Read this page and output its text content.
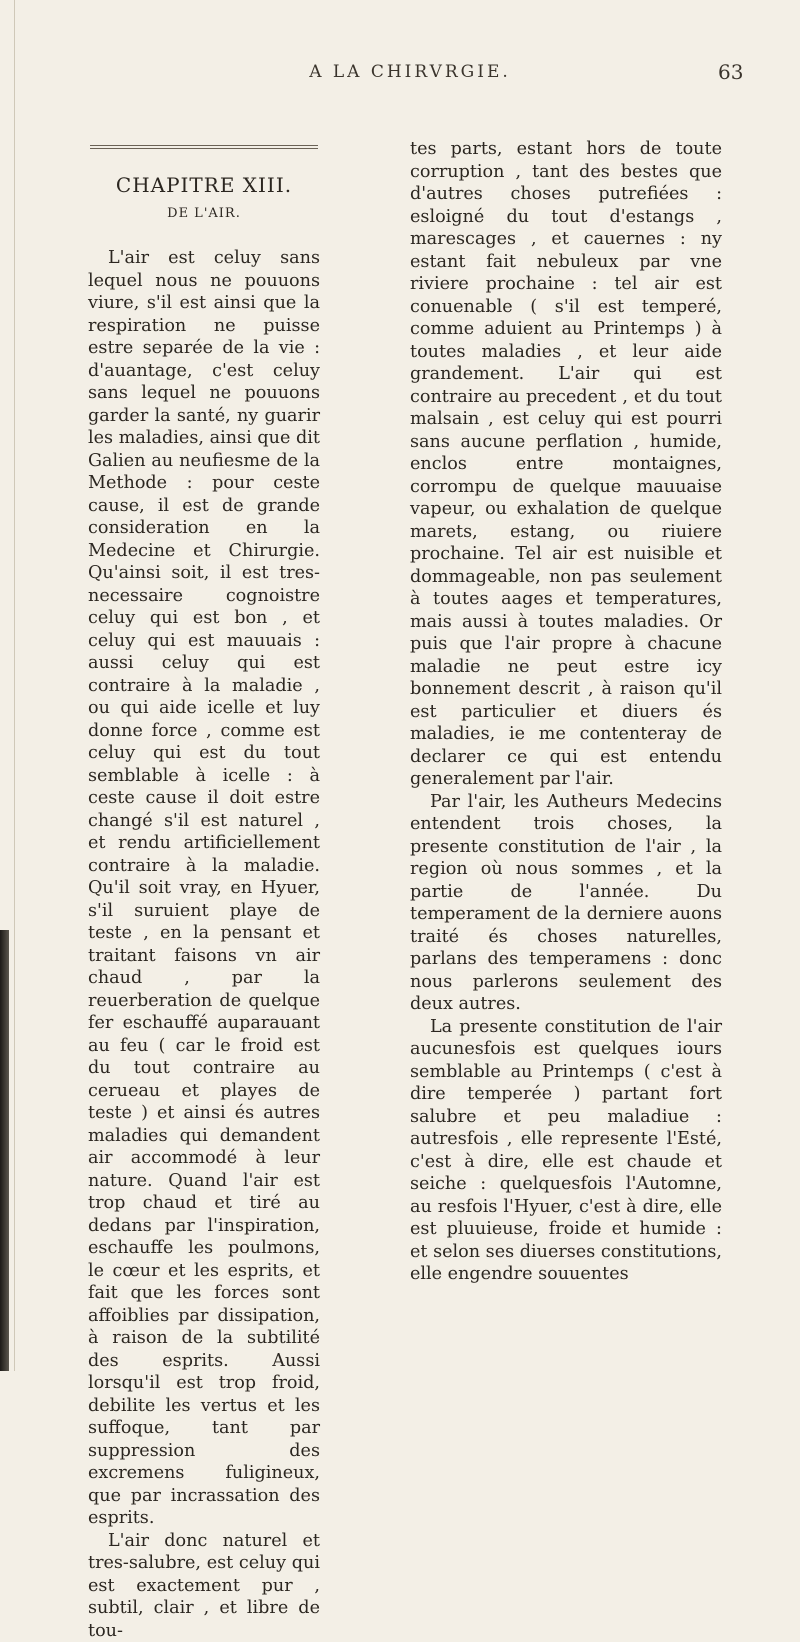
A LA CHIRVRGIE.	63
CHAPITRE XIII.
DE L'AIR.

L'air est celuy sans lequel nous ne pouuons viure, s'il est ainsi que la respiration ne puisse estre separée de la vie : d'auantage, c'est celuy sans lequel ne pouuons garder la santé, ny guarir les maladies, ainsi que dit Galien au neufiesme de la Methode : pour ceste cause, il est de grande consideration en la Medecine et Chirurgie. Qu'ainsi soit, il est tres-necessaire cognoistre celuy qui est bon , et celuy qui est mauuais : aussi celuy qui est contraire à la maladie , ou qui aide icelle et luy donne force , comme est celuy qui est du tout semblable à icelle : à ceste cause il doit estre changé s'il est naturel , et rendu artificiellement contraire à la maladie. Qu'il soit vray, en Hyuer, s'il suruient playe de teste , en la pensant et traitant faisons vn air chaud , par la reuerberation de quelque fer eschauffé auparauant au feu ( car le froid est du tout contraire au cerueau et playes de teste ) et ainsi és autres maladies qui demandent air accommodé à leur nature. Quand l'air est trop chaud et tiré au dedans par l'inspiration, eschauffe les poulmons, le cœur et les esprits, et fait que les forces sont affoiblies par dissipation, à raison de la subtilité des esprits. Aussi lorsqu'il est trop froid, debilite les vertus et les suffoque, tant par suppression des excremens fuligineux, que par incrassation des esprits.

L'air donc naturel et tres-salubre, est celuy qui est exactement pur , subtil, clair , et libre de tou-

tes parts, estant hors de toute corruption , tant des bestes que d'autres choses putrefiées : esloigné du tout d'estangs , marescages , et cauernes : ny estant fait nebuleux par vne riviere prochaine : tel air est conuenable ( s'il est temperé, comme aduient au Printemps ) à toutes maladies , et leur aide grandement. L'air qui est contraire au precedent , et du tout malsain , est celuy qui est pourri sans aucune perflation , humide, enclos entre montaignes, corrompu de quelque mauuaise vapeur, ou exhalation de quelque marets, estang, ou riuiere prochaine. Tel air est nuisible et dommageable, non pas seulement à toutes aages et temperatures, mais aussi à toutes maladies. Or puis que l'air propre à chacune maladie ne peut estre icy bonnement descrit , à raison qu'il est particulier et diuers és maladies, ie me contenteray de declarer ce qui est entendu generalement par l'air.

Par l'air, les Autheurs Medecins entendent trois choses, la presente constitution de l'air , la region où nous sommes , et la partie de l'année. Du temperament de la derniere auons traité és choses naturelles, parlans des temperamens : donc nous parlerons seulement des deux autres.

La presente constitution de l'air aucunesfois est quelques iours semblable au Printemps ( c'est à dire temperée ) partant fort salubre et peu maladiue : autresfois , elle represente l'Esté, c'est à dire, elle est chaude et seiche : quelquesfois l'Automne, au resfois l'Hyuer, c'est à dire, elle est pluuieuse, froide et humide : et selon ses diuerses constitutions, elle engendre souuentes
